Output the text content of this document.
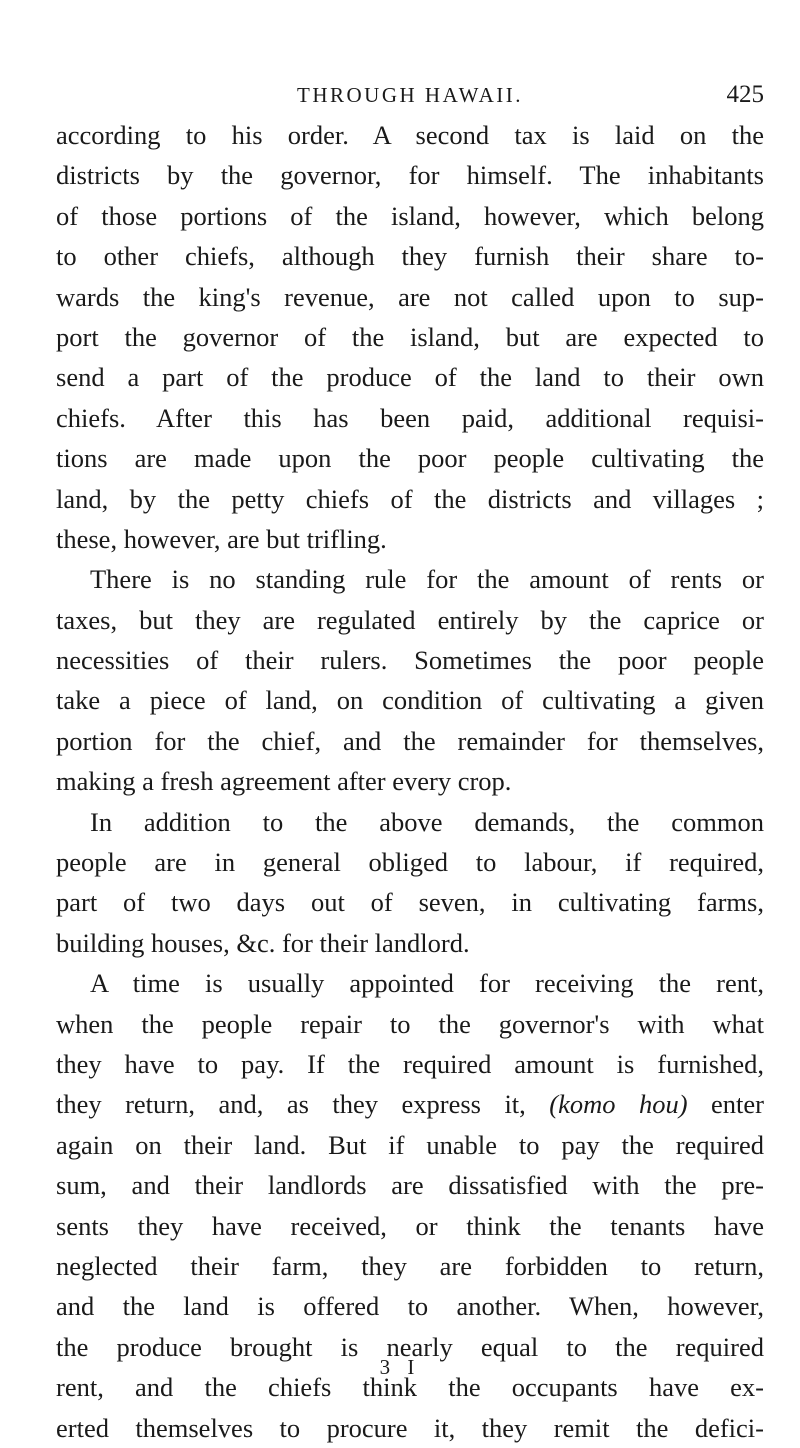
THROUGH HAWAII.	425
according to his order. A second tax is laid on the
districts by the governor, for himself. The inhabitants
of those portions of the island, however, which belong
to other chiefs, although they furnish their share to-
wards the king's revenue, are not called upon to sup-
port the governor of the island, but are expected to
send a part of the produce of the land to their own
chiefs. After this has been paid, additional requisi-
tions are made upon the poor people cultivating the
land, by the petty chiefs of the districts and villages ;
these, however, are but trifling.
There is no standing rule for the amount of rents or
taxes, but they are regulated entirely by the caprice or
necessities of their rulers. Sometimes the poor people
take a piece of land, on condition of cultivating a given
portion for the chief, and the remainder for themselves,
making a fresh agreement after every crop.
In addition to the above demands, the common
people are in general obliged to labour, if required,
part of two days out of seven, in cultivating farms,
building houses, &c. for their landlord.
A time is usually appointed for receiving the rent,
when the people repair to the governor's with what
they have to pay. If the required amount is furnished,
they return, and, as they express it, (komo hou) enter
again on their land. But if unable to pay the required
sum, and their landlords are dissatisfied with the pre-
sents they have received, or think the tenants have
neglected their farm, they are forbidden to return,
and the land is offered to another. When, however,
the produce brought is nearly equal to the required
rent, and the chiefs think the occupants have ex-
erted themselves to procure it, they remit the defici-
3 I
